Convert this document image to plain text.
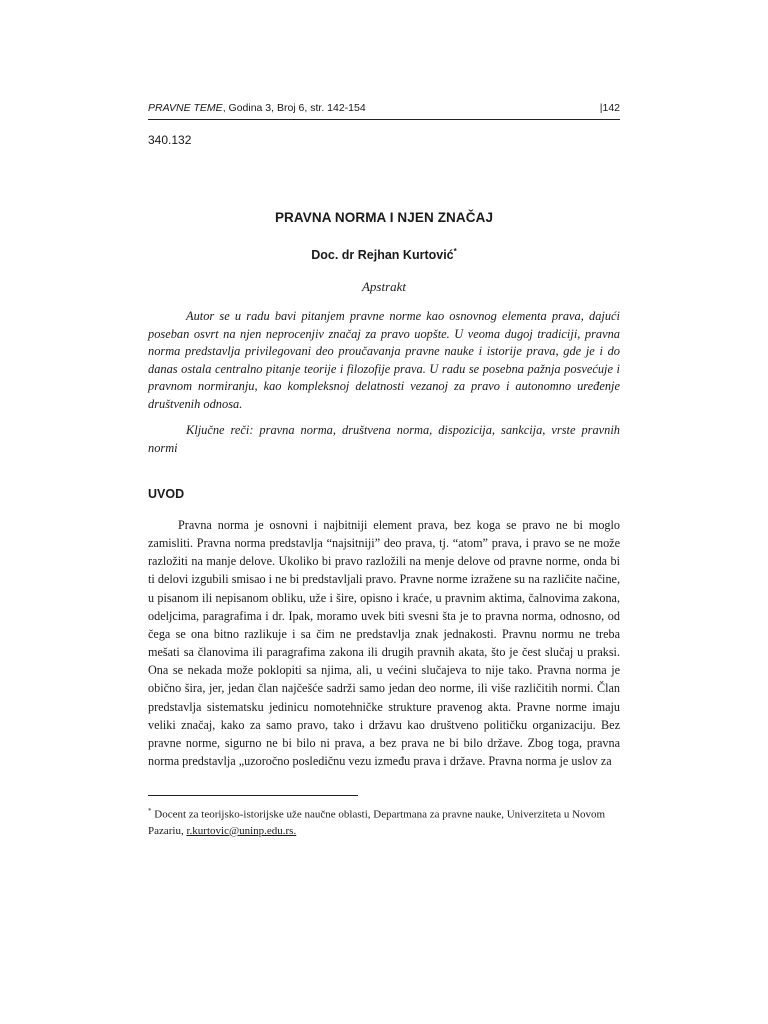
PRAVNE TEME, Godina 3, Broj 6, str. 142-154	|142
340.132
PRAVNA NORMA I NJEN ZNAČAJ
Doc. dr Rejhan Kurtović*
Apstrakt

Autor se u radu bavi pitanjem pravne norme kao osnovnog elementa prava, dajući poseban osvrt na njen neprocenjiv značaj za pravo uopšte. U veoma dugoj tradiciji, pravna norma predstavlja privilegovani deo proučavanja pravne nauke i istorije prava, gde je i do danas ostala centralno pitanje teorije i filozofije prava. U radu se posebna pažnja posvećuje i pravnom normiranju, kao kompleksnoj delatnosti vezanoj za pravo i autonomno uređenje društvenih odnosa.

Ključne reči: pravna norma, društvena norma, dispozicija, sankcija, vrste pravnih normi

UVOD

Pravna norma je osnovni i najbitniji element prava, bez koga se pravo ne bi moglo zamisliti. Pravna norma predstavlja “najsitniji” deo prava, tj. “atom” prava, i pravo se ne može razložiti na manje delove. Ukoliko bi pravo razložili na menje delove od pravne norme, onda bi ti delovi izgubili smisao i ne bi predstavljali pravo. Pravne norme izražene su na različite načine, u pisanom ili nepisanom obliku, uže i šire, opisno i kraće, u pravnim aktima, čalnovima zakona, odeljcima, paragrafima i dr. Ipak, moramo uvek biti svesni šta je to pravna norma, odnosno, od čega se ona bitno razlikuje i sa čim ne predstavlja znak jednakosti. Pravnu normu ne treba mešati sa članovima ili paragrafima zakona ili drugih pravnih akata, što je čest slučaj u praksi. Ona se nekada može poklopiti sa njima, ali, u većini slučajeva to nije tako. Pravna norma je obično šira, jer, jedan član najčešće sadrži samo jedan deo norme, ili više različitih normi. Član predstavlja sistematsku jedinicu nomotehničke strukture pravenog akta. Pravne norme imaju veliki značaj, kako za samo pravo, tako i državu kao društveno političku organizaciju. Bez pravne norme, sigurno ne bi bilo ni prava, a bez prava ne bi bilo države. Zbog toga, pravna norma predstavlja „uzoročno posledičnu vezu između prava i države. Pravna norma je uslov za

* Docent za teorijsko-istorijske uže naučne oblasti, Departmana za pravne nauke, Univerziteta u Novom Pazariu, r.kurtovic@uninp.edu.rs.
